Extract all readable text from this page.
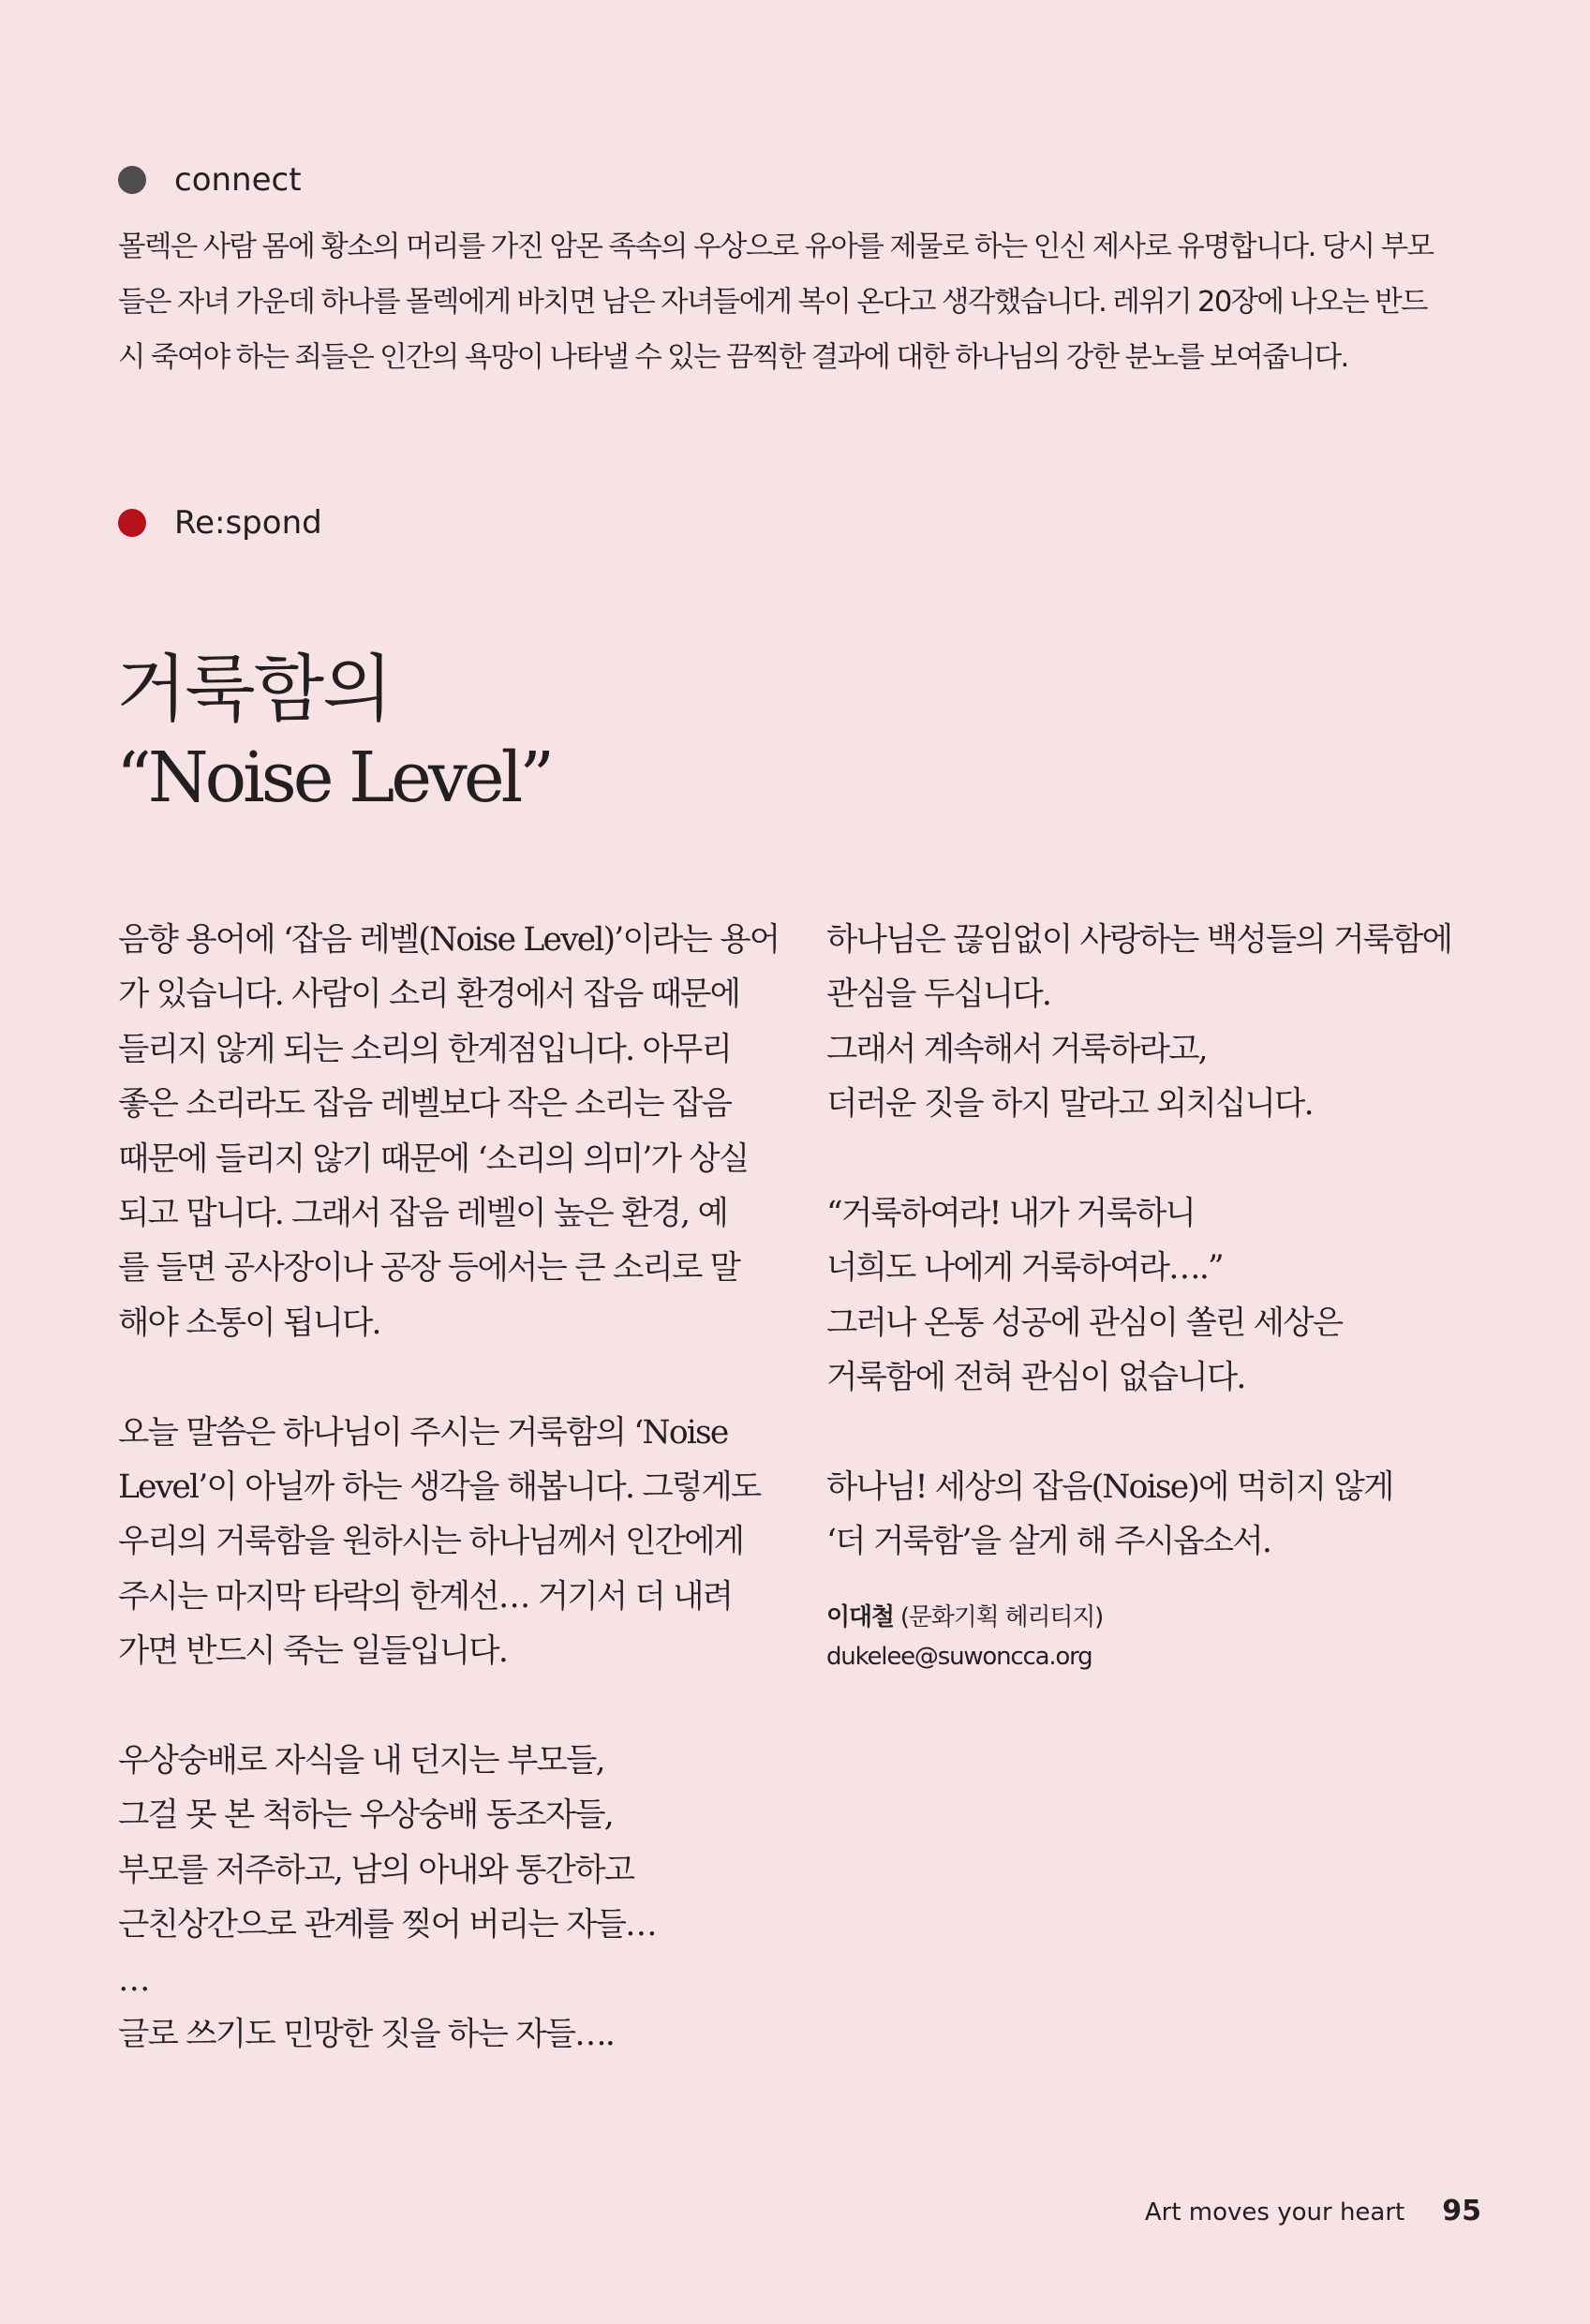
connect

몰렉은 사람 몸에 황소의 머리를 가진 암몬 족속의 우상으로 유아를 제물로 하는 인신 제사로 유명합니다. 당시 부모

들은 자녀 가운데 하나를 몰렉에게 바치면 남은 자녀들에게 복이 온다고 생각했습니다. 레위기 20장에 나오는 반드

시 죽여야 하는 죄들은 인간의 욕망이 나타낼 수 있는 끔찍한 결과에 대한 하나님의 강한 분노를 보여줍니다.

Re:spond
거룩함의
“Noise Level”

음향 용어에 ‘잡음 레벨(Noise Level)’이라는 용어

가 있습니다. 사람이 소리 환경에서 잡음 때문에

들리지 않게 되는 소리의 한계점입니다. 아무리

좋은 소리라도 잡음 레벨보다 작은 소리는 잡음

때문에 들리지 않기 때문에 ‘소리의 의미’가 상실

되고 맙니다. 그래서 잡음 레벨이 높은 환경, 예

를 들면 공사장이나 공장 등에서는 큰 소리로 말

해야 소통이 됩니다.

오늘 말씀은 하나님이 주시는 거룩함의 ‘Noise

Level’이 아닐까 하는 생각을 해봅니다. 그렇게도

우리의 거룩함을 원하시는 하나님께서 인간에게

주시는 마지막 타락의 한계선… 거기서 더 내려

가면 반드시 죽는 일들입니다.

우상숭배로 자식을 내 던지는 부모들,

그걸 못 본 척하는 우상숭배 동조자들,

부모를 저주하고, 남의 아내와 통간하고

근친상간으로 관계를 찢어 버리는 자들…

…

글로 쓰기도 민망한 짓을 하는 자들….

하나님은 끊임없이 사랑하는 백성들의 거룩함에

관심을 두십니다.

그래서 계속해서 거룩하라고,

더러운 짓을 하지 말라고 외치십니다.

“거룩하여라! 내가 거룩하니

너희도 나에게 거룩하여라….”

그러나 온통 성공에 관심이 쏠린 세상은

거룩함에 전혀 관심이 없습니다.

하나님! 세상의 잡음(Noise)에 먹히지 않게

‘더 거룩함’을 살게 해 주시옵소서.

이대철 (문화기획 헤리티지)
dukelee@suwoncca.org
Art moves your heart 95
